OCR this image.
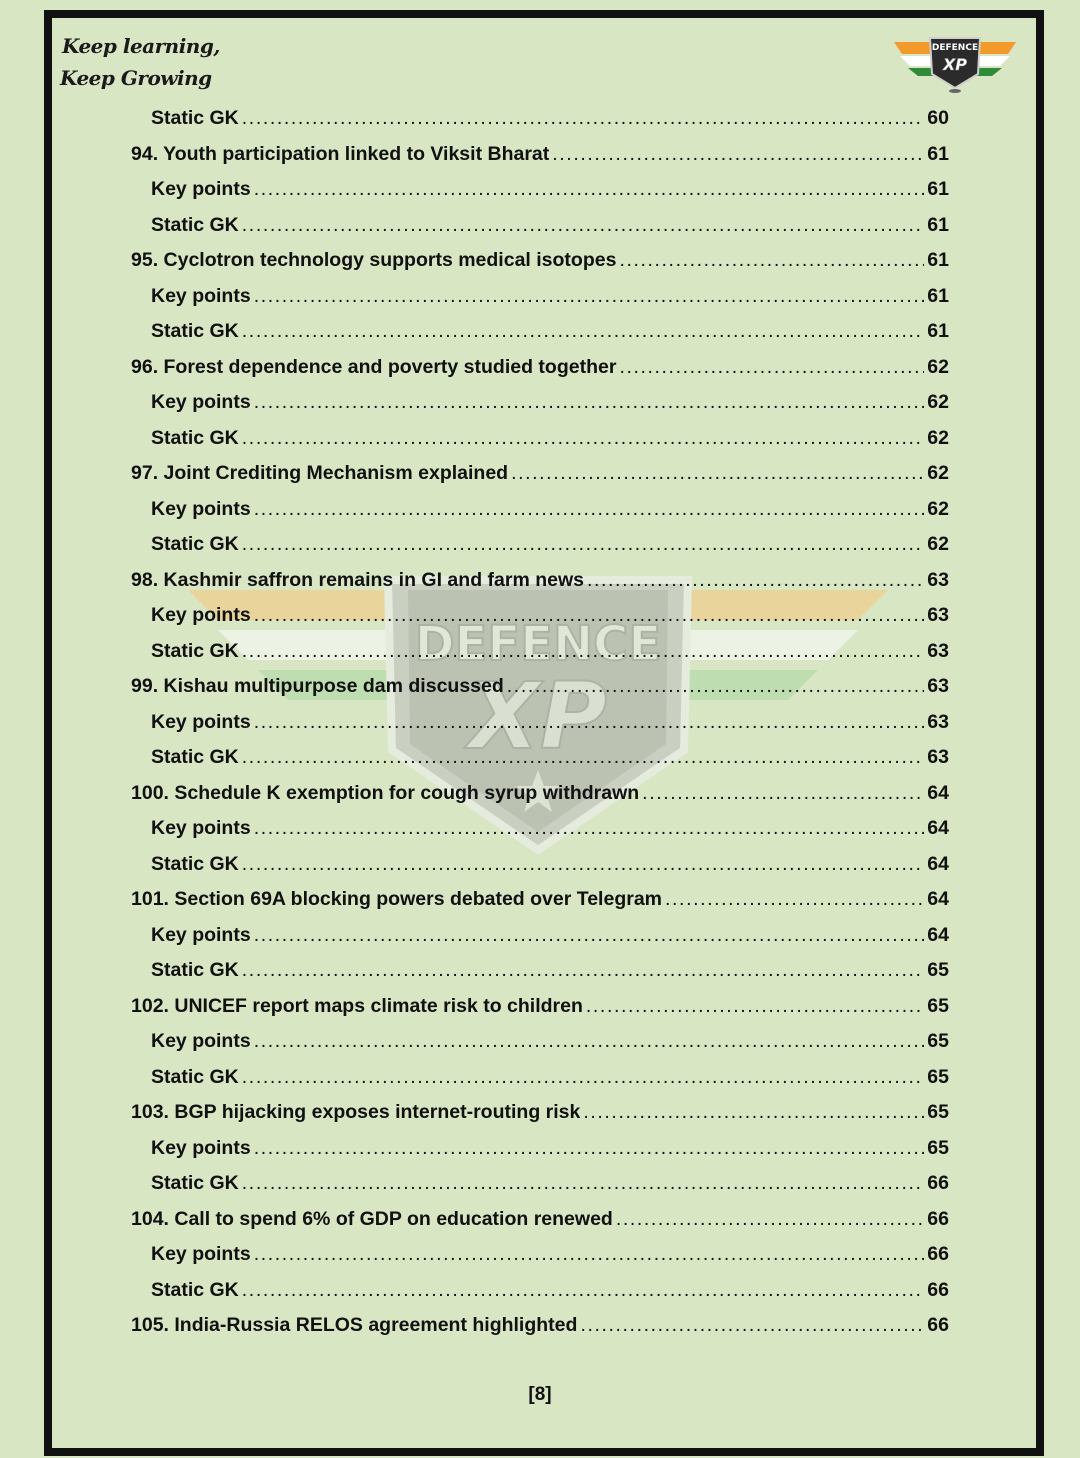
Keep learning,
Keep Growing
DEFENCE
XP
DEFENCE
XP
Static GK .....	60
94. Youth participation linked to Viksit Bharat .....	61
Key points .....	61
Static GK .....	61
95. Cyclotron technology supports medical isotopes .....	61
Key points .....	61
Static GK .....	61
96. Forest dependence and poverty studied together .....	62
Key points .....	62
Static GK .....	62
97. Joint Crediting Mechanism explained .....	62
Key points .....	62
Static GK .....	62
98. Kashmir saffron remains in GI and farm news .....	63
Key points .....	63
Static GK .....	63
99. Kishau multipurpose dam discussed .....	63
Key points .....	63
Static GK .....	63
100. Schedule K exemption for cough syrup withdrawn .....	64
Key points .....	64
Static GK .....	64
101. Section 69A blocking powers debated over Telegram .....	64
Key points .....	64
Static GK .....	65
102. UNICEF report maps climate risk to children .....	65
Key points .....	65
Static GK .....	65
103. BGP hijacking exposes internet-routing risk .....	65
Key points .....	65
Static GK .....	66
104. Call to spend 6% of GDP on education renewed .....	66
Key points .....	66
Static GK .....	66
105. India-Russia RELOS agreement highlighted .....	66
[8]
